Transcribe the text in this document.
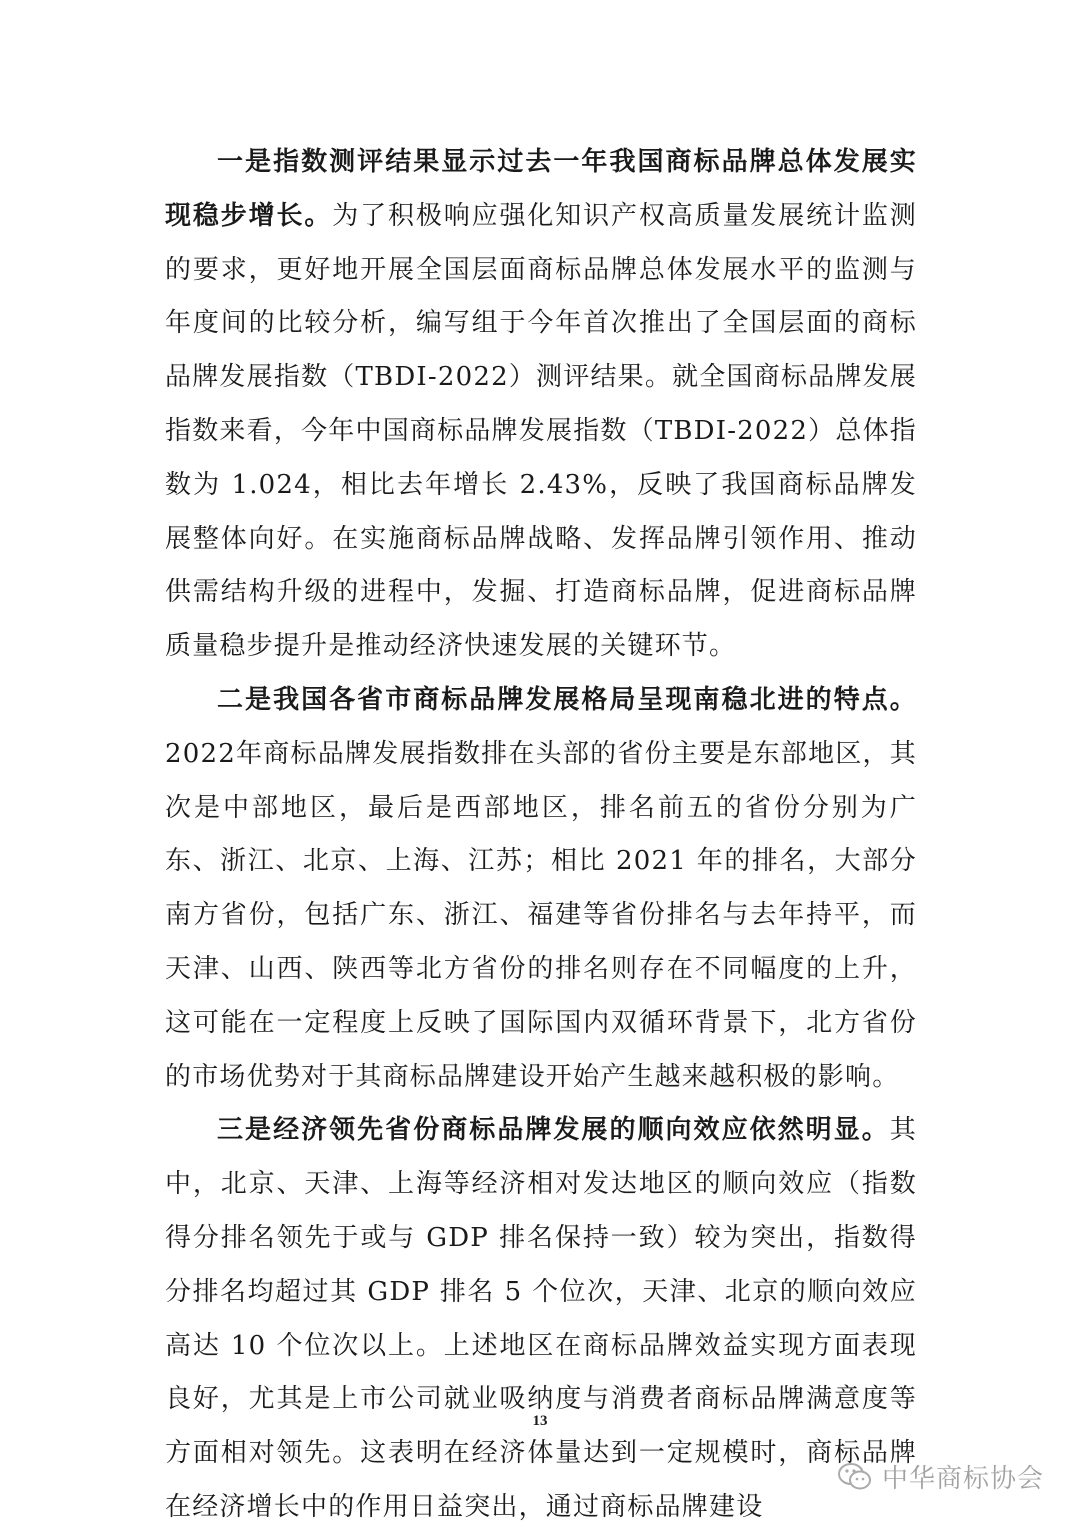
一是指数测评结果显示过去一年我国商标品牌总体发展实现稳步增长。为了积极响应强化知识产权高质量发展统计监测的要求，更好地开展全国层面商标品牌总体发展水平的监测与年度间的比较分析，编写组于今年首次推出了全国层面的商标品牌发展指数（TBDI-2022）测评结果。就全国商标品牌发展指数来看，今年中国商标品牌发展指数（TBDI-2022）总体指数为 1.024，相比去年增长 2.43%，反映了我国商标品牌发展整体向好。在实施商标品牌战略、发挥品牌引领作用、推动供需结构升级的进程中，发掘、打造商标品牌，促进商标品牌质量稳步提升是推动经济快速发展的关键环节。

二是我国各省市商标品牌发展格局呈现南稳北进的特点。2022年商标品牌发展指数排在头部的省份主要是东部地区，其次是中部地区，最后是西部地区，排名前五的省份分别为广东、浙江、北京、上海、江苏；相比 2021 年的排名，大部分南方省份，包括广东、浙江、福建等省份排名与去年持平，而天津、山西、陕西等北方省份的排名则存在不同幅度的上升，这可能在一定程度上反映了国际国内双循环背景下，北方省份的市场优势对于其商标品牌建设开始产生越来越积极的影响。

三是经济领先省份商标品牌发展的顺向效应依然明显。其中，北京、天津、上海等经济相对发达地区的顺向效应（指数得分排名领先于或与 GDP 排名保持一致）较为突出，指数得分排名均超过其 GDP 排名 5 个位次，天津、北京的顺向效应高达 10 个位次以上。上述地区在商标品牌效益实现方面表现良好，尤其是上市公司就业吸纳度与消费者商标品牌满意度等方面相对领先。这表明在经济体量达到一定规模时，商标品牌在经济增长中的作用日益突出，通过商标品牌建设

13
中华商标协会
